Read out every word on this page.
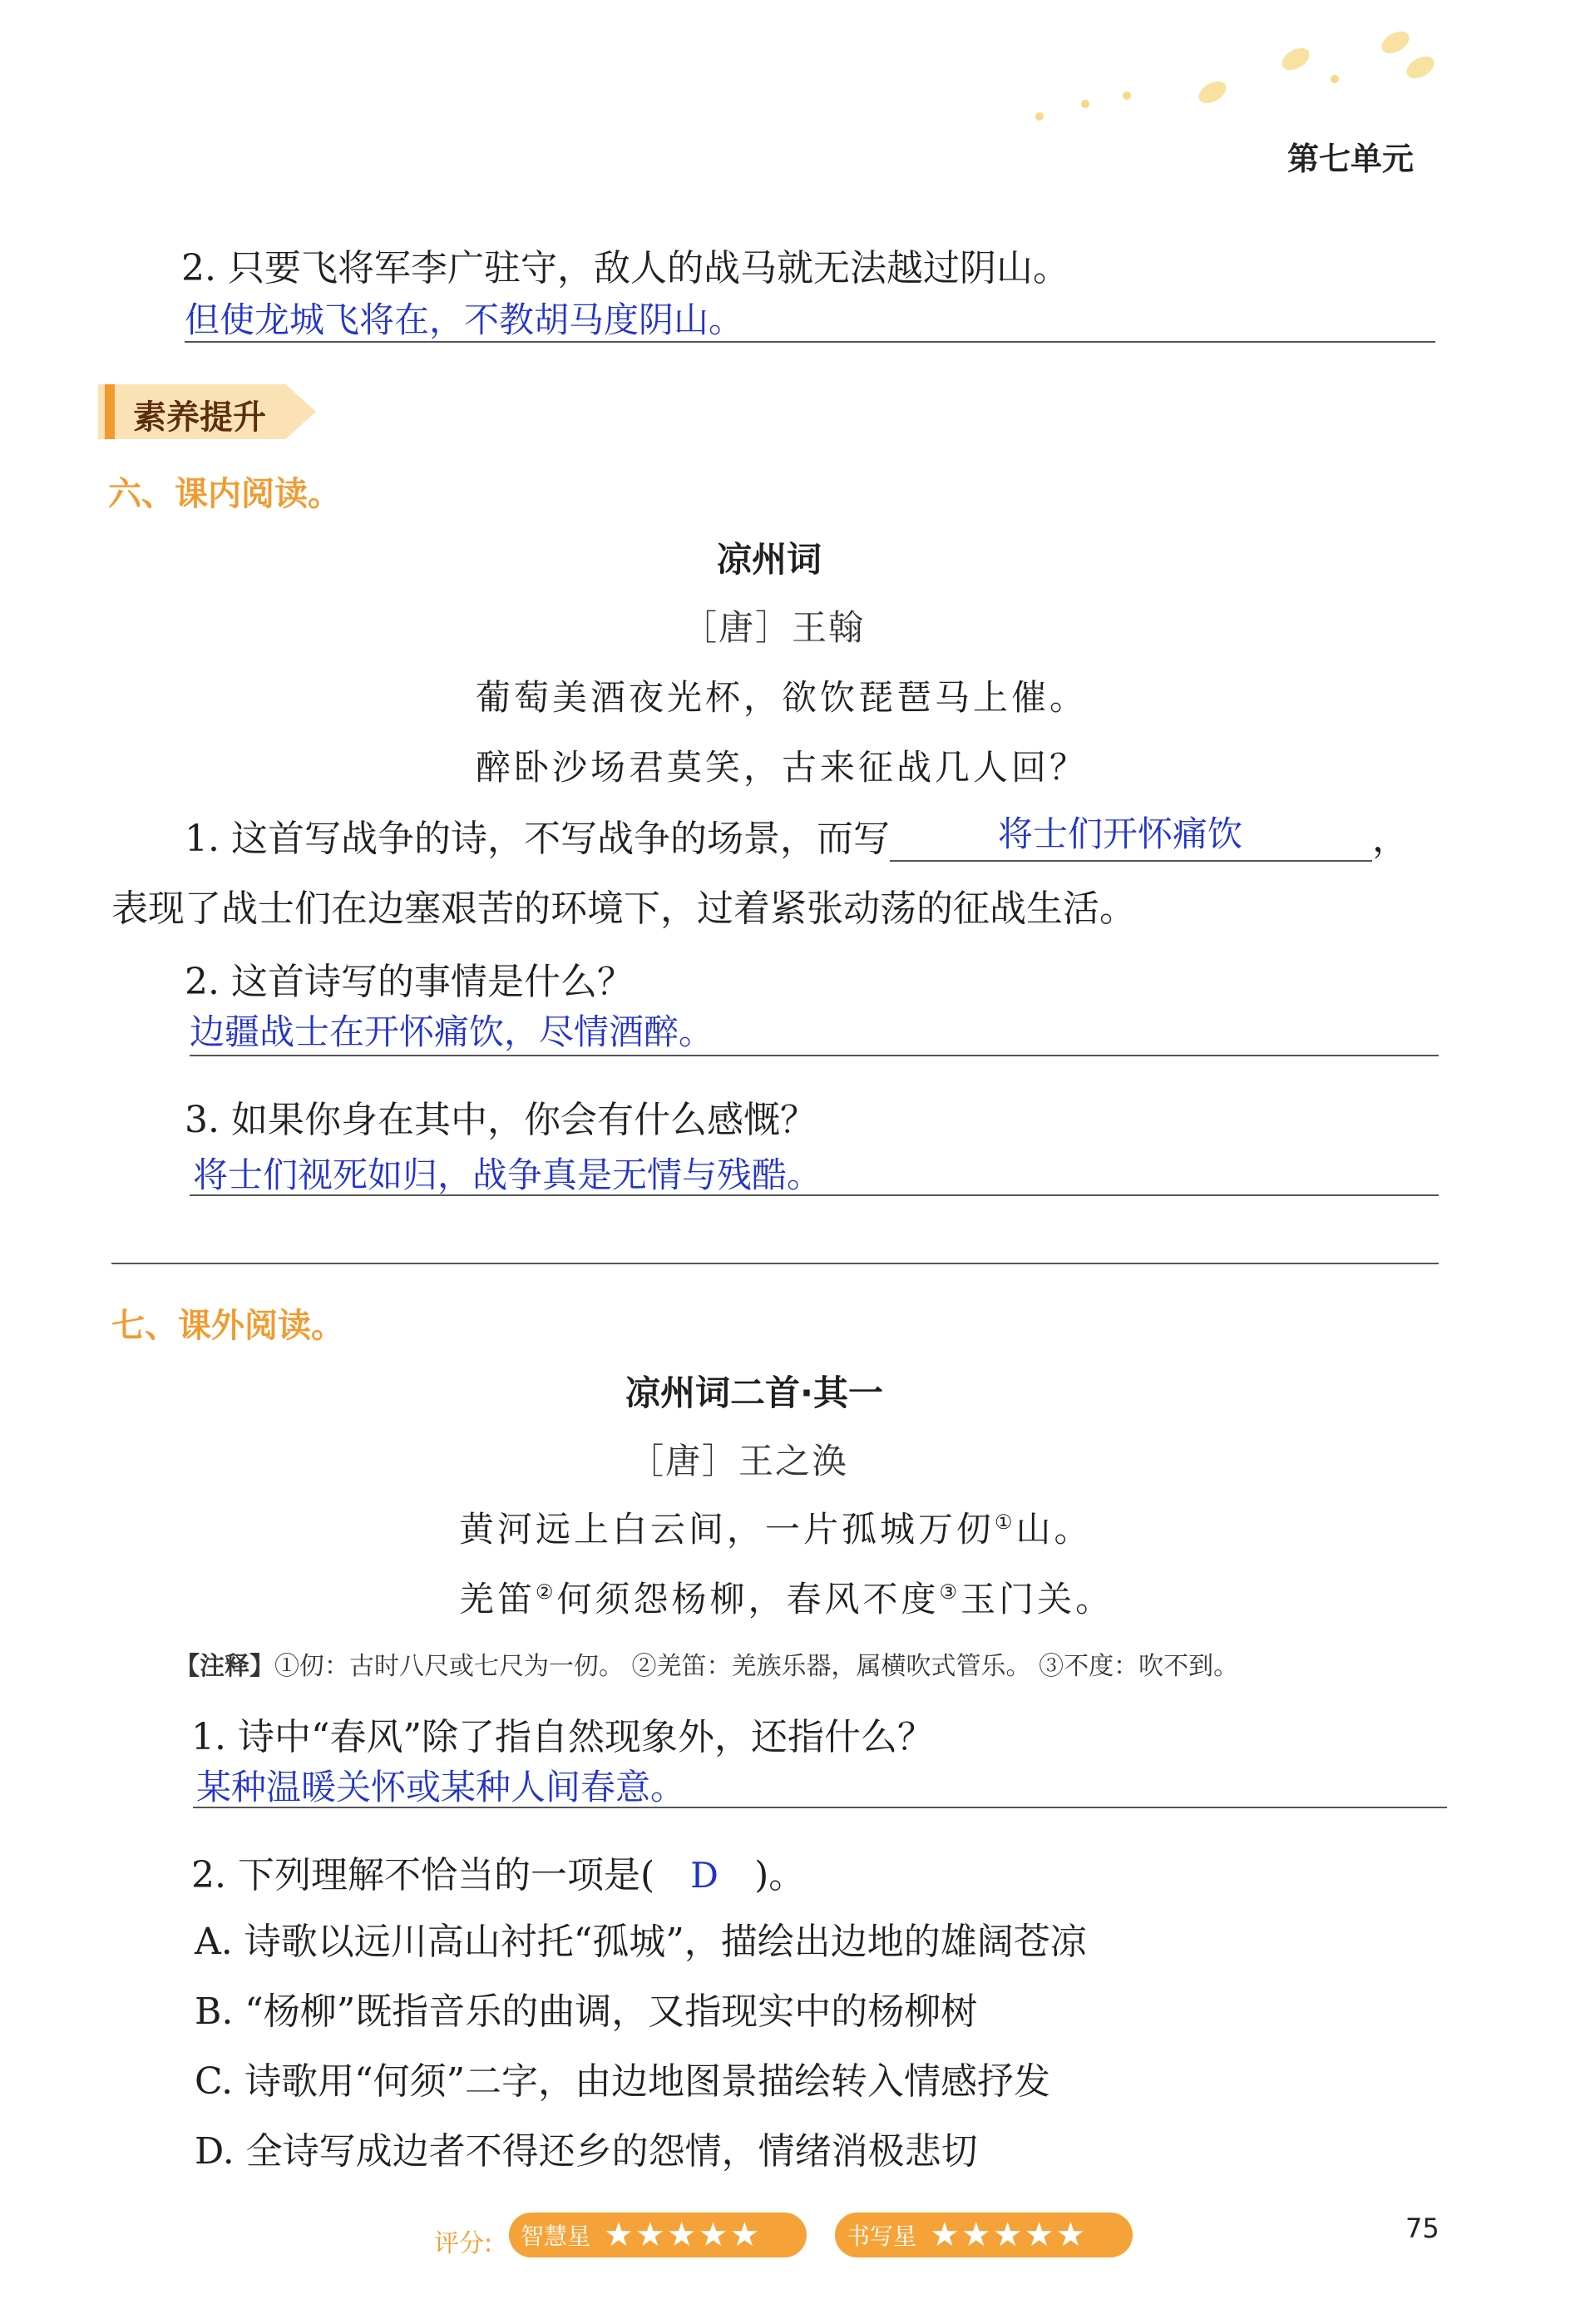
第七单元
2. 只要飞将军李广驻守，敌人的战马就无法越过阴山。
但使龙城飞将在，不教胡马度阴山。
素养提升
六、课内阅读。
凉州词
［唐］王翰
葡萄美酒夜光杯，欲饮琵琶马上催。
醉卧沙场君莫笑，古来征战几人回？
1. 这首写战争的诗，不写战争的场景，而写	将士们开怀痛饮	，
表现了战士们在边塞艰苦的环境下，过着紧张动荡的征战生活。
2. 这首诗写的事情是什么？
边疆战士在开怀痛饮，尽情酒醉。
3. 如果你身在其中，你会有什么感慨？
将士们视死如归，战争真是无情与残酷。
七、课外阅读。
凉州词二首·其一
［唐］王之涣
黄河远上白云间，一片孤城万仞①山。
羌笛②何须怨杨柳，春风不度③玉门关。
【注释】①仞：古时八尺或七尺为一仞。 ②羌笛：羌族乐器，属横吹式管乐。 ③不度：吹不到。
1. 诗中“春风”除了指自然现象外，还指什么？
某种温暖关怀或某种人间春意。
2. 下列理解不恰当的一项是( D )。
A. 诗歌以远川高山衬托“孤城”，描绘出边地的雄阔苍凉
B. “杨柳”既指音乐的曲调，又指现实中的杨柳树
C. 诗歌用“何须”二字，由边地图景描绘转入情感抒发
D. 全诗写成边者不得还乡的怨情，情绪消极悲切
评分: 智慧星 ★★★★★	书写星 ★★★★★	75
